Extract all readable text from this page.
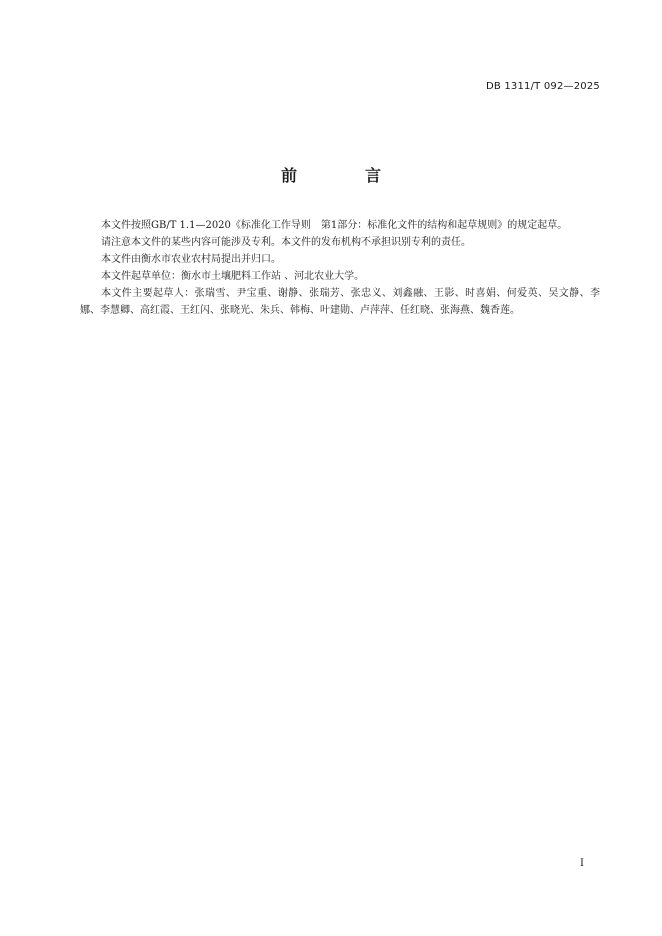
DB 1311/T 092—2025
前　言

本文件按照GB/T 1.1—2020《标准化工作导则　第1部分：标准化文件的结构和起草规则》的规定起草。

请注意本文件的某些内容可能涉及专利。本文件的发布机构不承担识别专利的责任。

本文件由衡水市农业农村局提出并归口。

本文件起草单位：衡水市土壤肥料工作站 、河北农业大学。

本文件主要起草人：张瑞雪、尹宝重、谢静、张瑞芳、张忠义、刘鑫融、王影、时喜娟、何爱英、吴文静、李娜、李慧卿、高红霞、王红闪、张晓光、朱兵、韩梅、叶建勋、卢萍萍、任红晓、张海燕、魏香莲。

I
